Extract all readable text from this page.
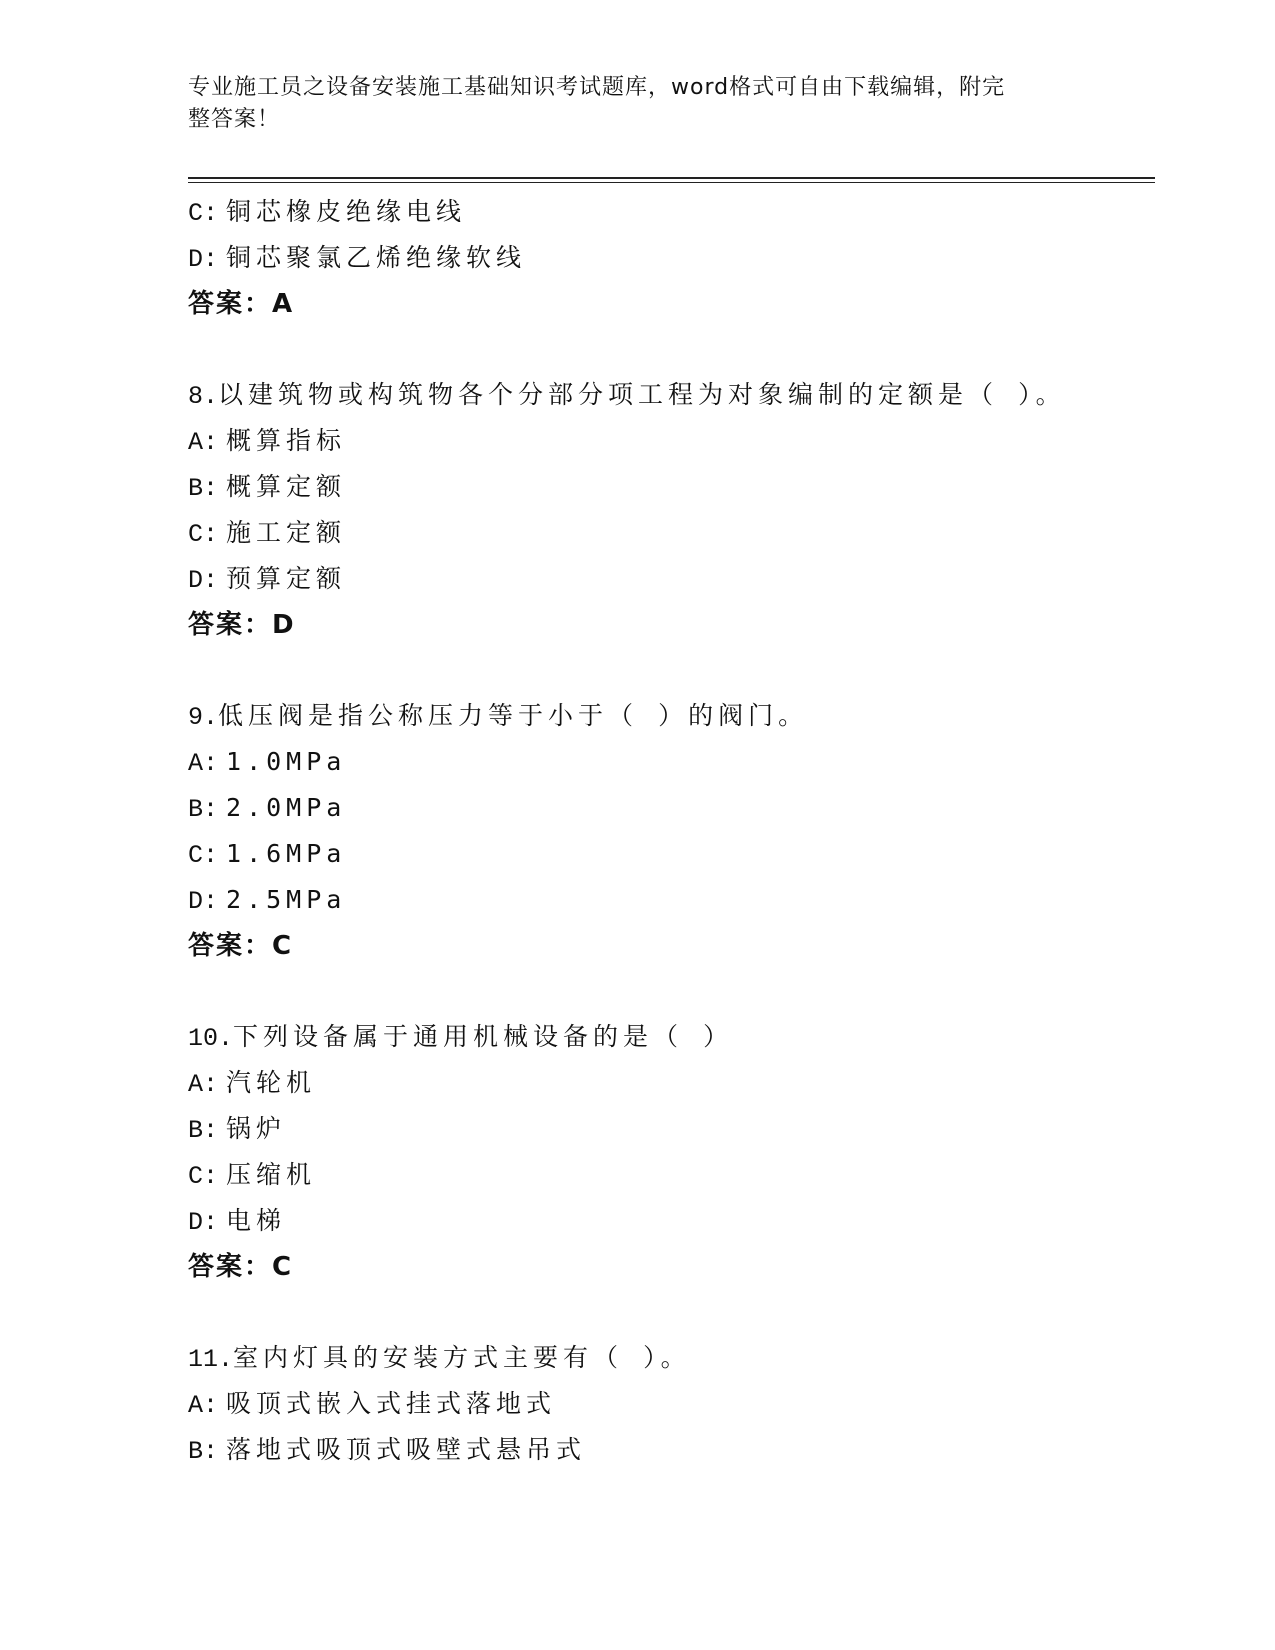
专业施工员之设备安装施工基础知识考试题库，word格式可自由下载编辑，附完
整答案！
C: 铜芯橡皮绝缘电线
D: 铜芯聚氯乙烯绝缘软线
答案：A
8.以建筑物或构筑物各个分部分项工程为对象编制的定额是（ ）。
A: 概算指标
B: 概算定额
C: 施工定额
D: 预算定额
答案：D
9.低压阀是指公称压力等于小于（ ）的阀门。
A: 1.0MPa
B: 2.0MPa
C: 1.6MPa
D: 2.5MPa
答案：C
10.下列设备属于通用机械设备的是（ ）
A: 汽轮机
B: 锅炉
C: 压缩机
D: 电梯
答案：C
11.室内灯具的安装方式主要有（ ）。
A: 吸顶式嵌入式挂式落地式
B: 落地式吸顶式吸壁式悬吊式
